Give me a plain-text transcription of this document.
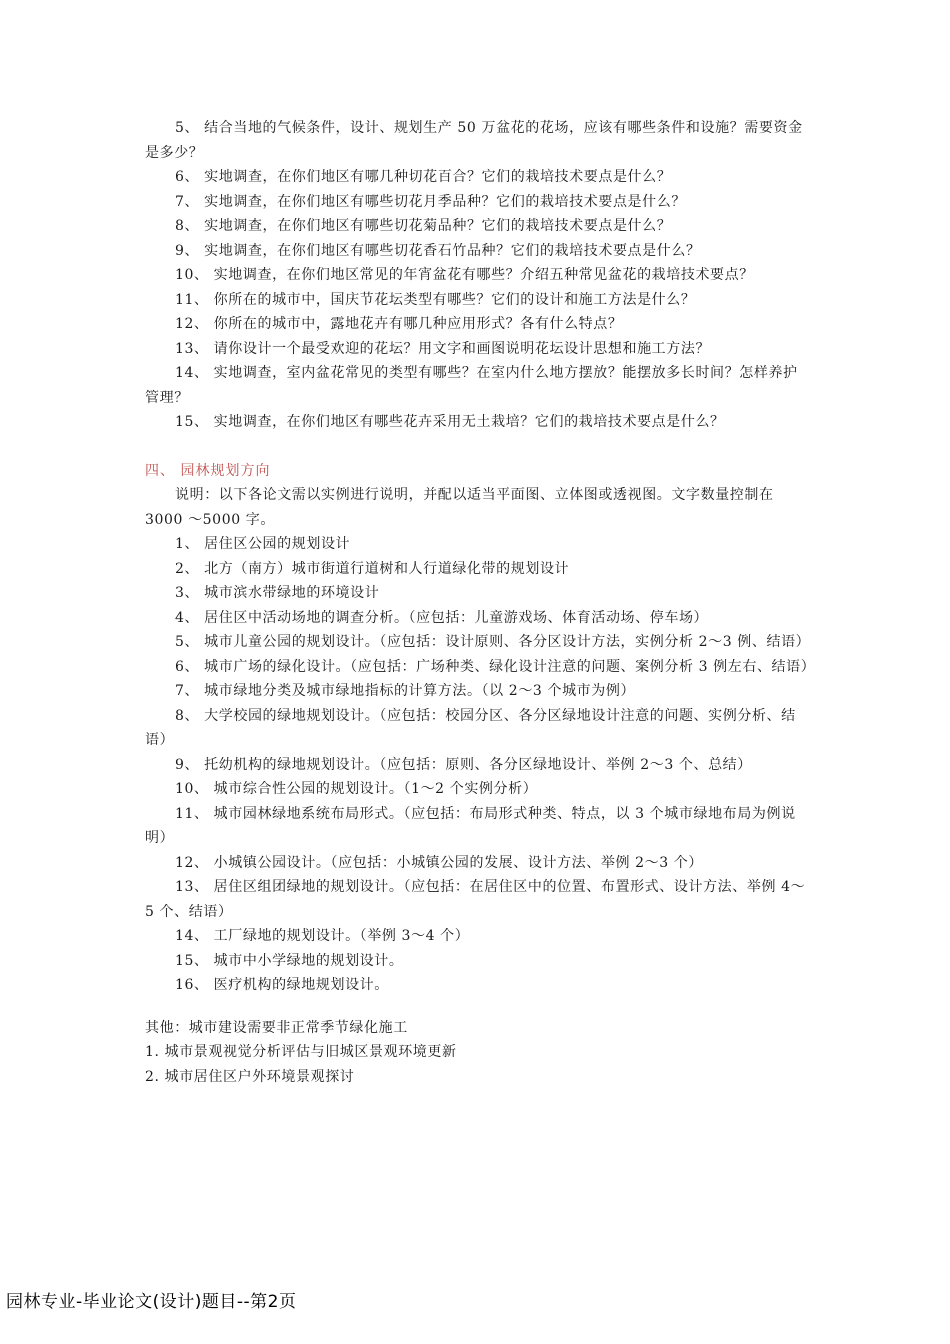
5、 结合当地的气候条件，设计、规划生产 50 万盆花的花场，应该有哪些条件和设施？需要资金是多少？

6、 实地调查，在你们地区有哪几种切花百合？它们的栽培技术要点是什么？

7、 实地调查，在你们地区有哪些切花月季品种？它们的栽培技术要点是什么？

8、 实地调查，在你们地区有哪些切花菊品种？它们的栽培技术要点是什么？

9、 实地调查，在你们地区有哪些切花香石竹品种？它们的栽培技术要点是什么？

10、 实地调查，在你们地区常见的年宵盆花有哪些？介绍五种常见盆花的栽培技术要点？

11、 你所在的城市中，国庆节花坛类型有哪些？它们的设计和施工方法是什么？

12、 你所在的城市中，露地花卉有哪几种应用形式？各有什么特点？

13、 请你设计一个最受欢迎的花坛？用文字和画图说明花坛设计思想和施工方法？

14、 实地调查，室内盆花常见的类型有哪些？在室内什么地方摆放？能摆放多长时间？怎样养护管理？

15、 实地调查，在你们地区有哪些花卉采用无土栽培？它们的栽培技术要点是什么？

四、 园林规划方向

说明：以下各论文需以实例进行说明，并配以适当平面图、立体图或透视图。文字数量控制在 3000 ～5000 字。

1、 居住区公园的规划设计

2、 北方（南方）城市街道行道树和人行道绿化带的规划设计

3、 城市滨水带绿地的环境设计

4、 居住区中活动场地的调查分析。（应包括：儿童游戏场、体育活动场、停车场）

5、 城市儿童公园的规划设计。（应包括：设计原则、各分区设计方法，实例分析 2～3 例、结语）

6、 城市广场的绿化设计。（应包括：广场种类、绿化设计注意的问题、案例分析 3 例左右、结语）

7、 城市绿地分类及城市绿地指标的计算方法。（以 2～3 个城市为例）

8、 大学校园的绿地规划设计。（应包括：校园分区、各分区绿地设计注意的问题、实例分析、结语）

9、 托幼机构的绿地规划设计。（应包括：原则、各分区绿地设计、举例 2～3 个、总结）

10、 城市综合性公园的规划设计。（1～2 个实例分析）

11、 城市园林绿地系统布局形式。（应包括：布局形式种类、特点，以 3 个城市绿地布局为例说明）

12、 小城镇公园设计。（应包括：小城镇公园的发展、设计方法、举例 2～3 个）

13、 居住区组团绿地的规划设计。（应包括：在居住区中的位置、布置形式、设计方法、举例 4～5 个、结语）

14、 工厂绿地的规划设计。（举例 3～4 个）

15、 城市中小学绿地的规划设计。

16、 医疗机构的绿地规划设计。

其他：城市建设需要非正常季节绿化施工

1. 城市景观视觉分析评估与旧城区景观环境更新

2. 城市居住区户外环境景观探讨

园林专业-毕业论文(设计)题目--第2页
